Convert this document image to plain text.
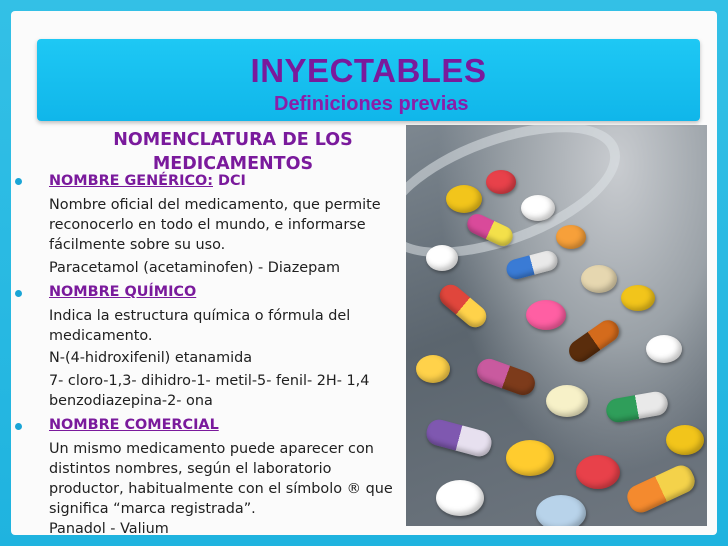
INYECTABLES
Definiciones previas
NOMENCLATURA DE LOS
MEDICAMENTOS
NOMBRE GENÉRICO: DCI
Nombre oficial del medicamento, que permite
reconocerlo en todo el mundo, e informarse
fácilmente sobre su uso.
Paracetamol (acetaminofen) - Diazepam
NOMBRE QUÍMICO
Indica la estructura química o fórmula del
medicamento.
N-(4-hidroxifenil) etanamida
7- cloro-1,3- dihidro-1- metil-5- fenil- 2H- 1,4
benzodiazepina-2- ona
NOMBRE COMERCIAL
Un mismo medicamento puede aparecer con
distintos nombres, según el laboratorio
productor, habitualmente con el símbolo ® que
significa “marca registrada”.
Panadol - Valium
